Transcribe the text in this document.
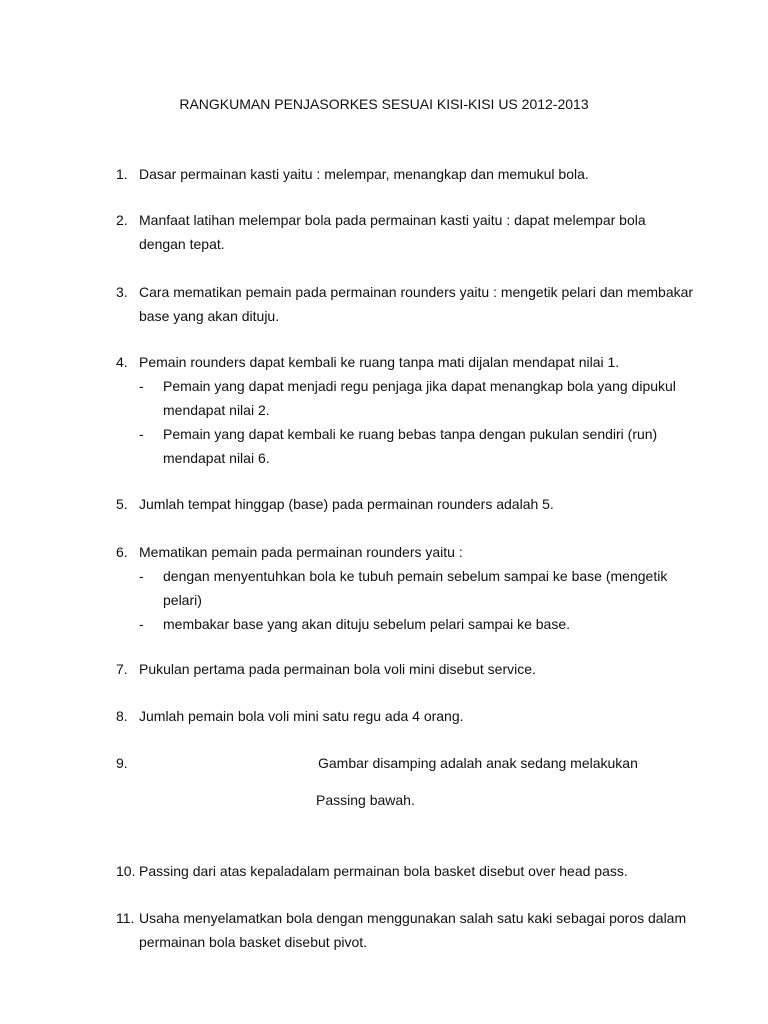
RANGKUMAN PENJASORKES SESUAI KISI-KISI US 2012-2013
1. Dasar permainan kasti yaitu : melempar, menangkap dan memukul bola.
2. Manfaat latihan melempar bola pada permainan kasti yaitu : dapat melempar bola dengan tepat.
3. Cara mematikan pemain pada permainan rounders yaitu : mengetik pelari dan membakar base yang akan dituju.
4. Pemain rounders dapat kembali ke ruang tanpa mati dijalan mendapat nilai 1.
- Pemain yang dapat menjadi regu penjaga jika dapat menangkap bola yang dipukul mendapat nilai 2.
- Pemain yang dapat kembali ke ruang bebas tanpa dengan pukulan sendiri (run) mendapat nilai 6.
5. Jumlah tempat hinggap (base) pada permainan rounders adalah 5.
6. Mematikan pemain pada permainan rounders yaitu :
- dengan menyentuhkan bola ke tubuh pemain sebelum sampai ke base (mengetik pelari)
- membakar base yang akan dituju sebelum pelari sampai ke base.
7. Pukulan pertama pada permainan bola voli mini disebut service.
8. Jumlah pemain bola voli mini satu regu ada 4 orang.
9.	Gambar disamping adalah anak sedang melakukan
Passing bawah.
10. Passing dari atas kepaladalam permainan bola basket disebut over head pass.
11. Usaha menyelamatkan bola dengan menggunakan salah satu kaki sebagai poros dalam permainan bola basket disebut pivot.
